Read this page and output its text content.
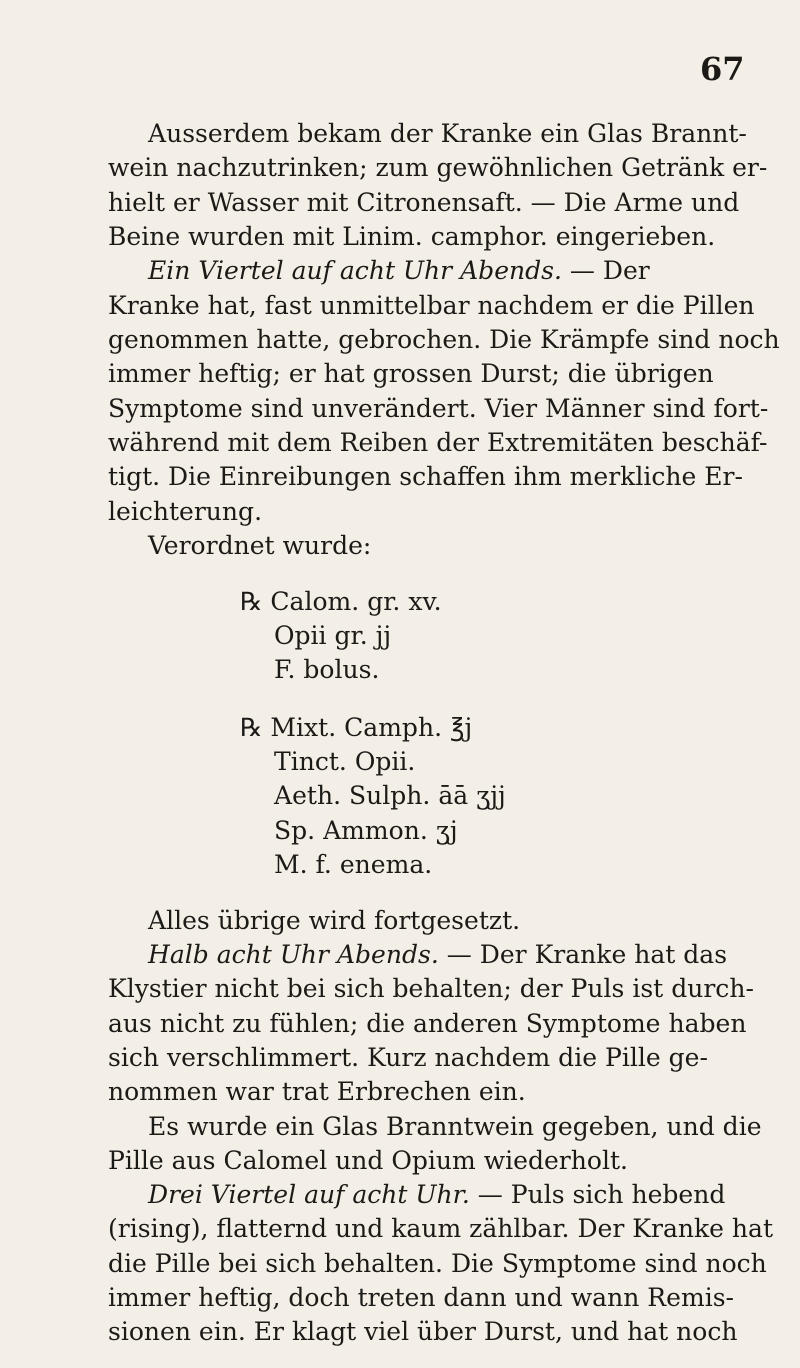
67
Ausserdem bekam der Kranke ein Glas Brannt-
wein nachzutrinken; zum gewöhnlichen Getränk er-
hielt er Wasser mit Citronensaft. — Die Arme und
Beine wurden mit Linim. camphor. eingerieben.
Ein Viertel auf acht Uhr Abends. — Der
Kranke hat, fast unmittelbar nachdem er die Pillen
genommen hatte, gebrochen. Die Krämpfe sind noch
immer heftig; er hat grossen Durst; die übrigen
Symptome sind unverändert. Vier Männer sind fort-
während mit dem Reiben der Extremitäten beschäf-
tigt. Die Einreibungen schaffen ihm merkliche Er-
leichterung.
Verordnet wurde:
℞ Calom. gr. xv.
Opii gr. jj
F. bolus.
℞ Mixt. Camph. ℥j
Tinct. Opii.
Aeth. Sulph. āā ʒjj
Sp. Ammon. ʒj
M. f. enema.
Alles übrige wird fortgesetzt.
Halb acht Uhr Abends. — Der Kranke hat das
Klystier nicht bei sich behalten; der Puls ist durch-
aus nicht zu fühlen; die anderen Symptome haben
sich verschlimmert. Kurz nachdem die Pille ge-
nommen war trat Erbrechen ein.
Es wurde ein Glas Branntwein gegeben, und die
Pille aus Calomel und Opium wiederholt.
Drei Viertel auf acht Uhr. — Puls sich hebend
(rising), flatternd und kaum zählbar. Der Kranke hat
die Pille bei sich behalten. Die Symptome sind noch
immer heftig, doch treten dann und wann Remis-
sionen ein. Er klagt viel über Durst, und hat noch
